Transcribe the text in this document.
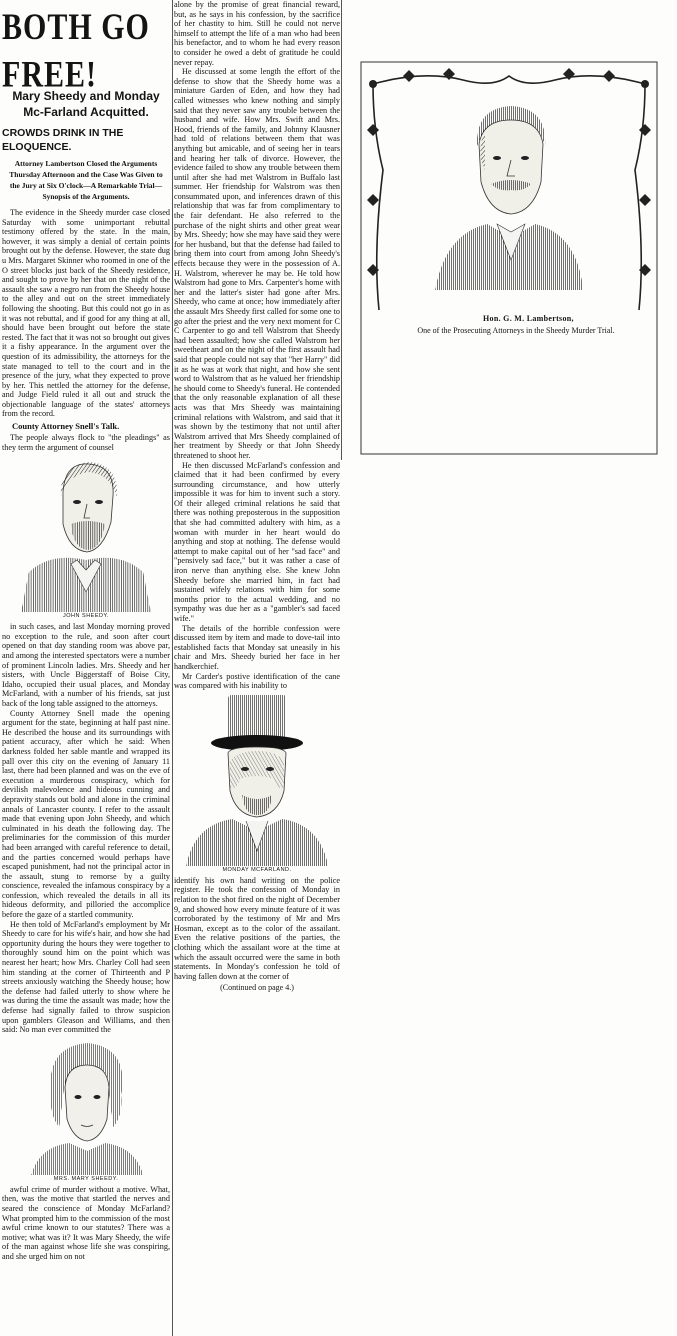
BOTH GO FREE!
Mary Sheedy and Monday Mc-Farland Acquitted.
CROWDS DRINK IN THE ELOQUENCE.
Attorney Lambertson Closed the Arguments Thursday Afternoon and the Case Was Given to the Jury at Six O'clock—A Remarkable Trial—Synopsis of the Arguments.

The evidence in the Sheedy murder case closed Saturday with some unimportant rebuttal testimony offered by the state. In the main, however, it was simply a denial of certain points brought out by the defense. However, the state dug u Mrs. Margaret Skinner who roomed in one of the O street blocks just back of the Sheedy residence, and sought to prove by her that on the night of the assault she saw a negro run from the Sheedy house to the alley and out on the street immediately following the shooting. But this could not go in as it was not rebuttal, and if good for any thing at all, should have been brought out before the state rested. The fact that it was not so brought out gives it a fishy appearance. In the argument over the question of its admissibility, the attorneys for the state managed to tell to the court and in the presence of the jury, what they expected to prove by her. This nettled the attorney for the defense, and Judge Field ruled it all out and struck the objectionable language of the states' attorneys from the record.

County Attorney Snell's Talk.

The people always flock to "the pleadings" as they term the argument of counsel

JOHN SHEEDY.

in such cases, and last Monday morning proved no exception to the rule, and soon after court opened on that day standing room was above par, and among the interested spectators were a number of prominent Lincoln ladies. Mrs. Sheedy and her sisters, with Uncle Biggerstaff of Boise City, Idaho, occupied their usual places, and Monday McFarland, with a number of his friends, sat just back of the long table assigned to the attorneys.

County Attorney Snell made the opening argument for the state, beginning at half past nine. He described the house and its surroundings with patient accuracy, after which he said: When darkness folded her sable mantle and wrapped its pall over this city on the evening of January 11 last, there had been planned and was on the eve of execution a murderous conspiracy, which for devilish malevolence and hideous cunning and depravity stands out bold and alone in the criminal annals of Lancaster county. I refer to the assault made that evening upon John Sheedy, and which culminated in his death the following day. The preliminaries for the commission of this murder had been arranged with careful reference to detail, and the parties concerned would perhaps have escaped punishment, had not the principal actor in the assault, stung to remorse by a guilty conscience, revealed the infamous conspiracy by a confession, which revealed the details in all its hideous deformity, and pilloried the accomplice before the gaze of a startled community.

He then told of McFarland's employment by Mr Sheedy to care for his wife's hair, and how she had opportunity during the hours they were together to thoroughly sound him on the point which was nearest her heart; how Mrs. Charley Coll had seen him standing at the corner of Thirteenth and P streets anxiously watching the Sheedy house; how the defense had failed utterly to show where he was during the time the assault was made; how the defense had signally failed to throw suspicion upon gamblers Gleason and Williams, and then said: No man ever committed the

MRS. MARY SHEEDY.

awful crime of murder without a motive. What, then, was the motive that startled the nerves and seared the conscience of Monday McFarland? What prompted him to the commission of the most awful crime known to our statutes? There was a motive; what was it? It was Mary Sheedy, the wife of the man against whose life she was conspiring, and she urged him on not

alone by the promise of great financial reward, but, as he says in his confession, by the sacrifice of her chastity to him. Still he could not nerve himself to attempt the life of a man who had been his benefactor, and to whom he had every reason to consider he owed a debt of gratitude he could never repay.

He discussed at some length the effort of the defense to show that the Sheedy home was a miniature Garden of Eden, and how they had called witnesses who knew nothing and simply said that they never saw any trouble between the husband and wife. How Mrs. Swift and Mrs. Hood, friends of the family, and Johnny Klausner had told of relations between them that was anything but amicable, and of seeing her in tears and hearing her talk of divorce. However, the evidence failed to show any trouble between them until after she had met Walstrom in Buffalo last summer. Her friendship for Walstrom was then consummated upon, and inferences drawn of this relationship that was far from complimentary to the fair defendant. He also referred to the purchase of the night shirts and other great wear by Mrs. Sheedy; how she may have said they were for her husband, but that the defense had failed to bring them into court from among John Sheedy's effects because they were in the possession of A. H. Walstrom, wherever he may be. He told how Walstrom had gone to Mrs. Carpenter's home with her and the latter's sister had gone after Mrs. Sheedy, who came at once; how immediately after the assault Mrs Sheedy first called for some one to go after the priest and the very next moment for C C Carpenter to go and tell Walstrom that Sheedy had been assaulted; how she called Walstrom her sweetheart and on the night of the first assault had said that people could not say that "her Harry" did it as he was at work that night, and how she sent word to Walstrom that as he valued her friendship he should come to Sheedy's funeral. He contended that the only reasonable explanation of all these acts was that Mrs Sheedy was maintaining criminal relations with Walstrom, and said that it was shown by the testimony that not until after Walstrom arrived that Mrs Sheedy complained of her treatment by Sheedy or that John Sheedy threatened to shoot her.

He then discussed McFarland's confession and claimed that it had been confirmed by every surrounding circumstance, and how utterly impossible it was for him to invent such a story. Of their alleged criminal relations he said that there was nothing preposterous in the supposition that she had committed adultery with him, as a woman with murder in her heart would do anything and stop at nothing. The defense would attempt to make capital out of her "sad face" and "pensively sad face," but it was rather a case of iron nerve than anything else. She knew John Sheedy before she married him, in fact had sustained wifely relations with him for some months prior to the actual wedding, and no sympathy was due her as a "gambler's sad faced wife."

The details of the horrible confession were discussed item by item and made to dove-tail into established facts that Monday sat uneasily in his chair and Mrs. Sheedy buried her face in her handkerchief.

Mr Carder's postive identification of the cane was compared with his inability to

MONDAY MCFARLAND.

identify his own hand writing on the police register. He took the confession of Monday in relation to the shot fired on the night of December 9, and showed how every minute feature of it was corroborated by the testimony of Mr and Mrs Hosman, except as to the color of the assailant. Even the relative positions of the parties, the clothing which the assailant wore at the time at which the assault occurred were the same in both statements. In Monday's confession he told of having fallen down at the corner of

(Continued on page 4.)
Hon. G. M. Lambertson,
One of the Prosecuting Attorneys in the Sheedy Murder Trial.
